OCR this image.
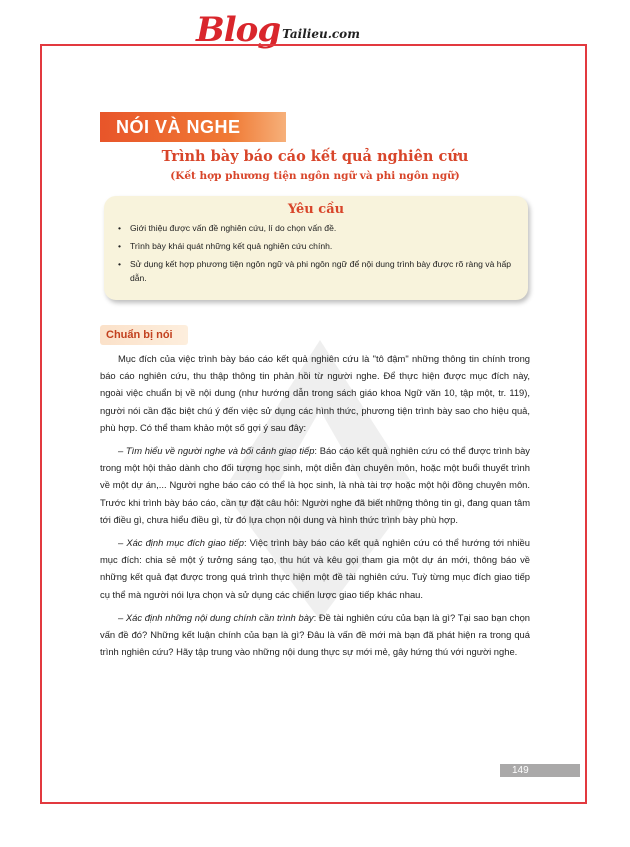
Blog Tailieu.com
NÓI VÀ NGHE
Trình bày báo cáo kết quả nghiên cứu
(Kết hợp phương tiện ngôn ngữ và phi ngôn ngữ)
Yêu cầu
• Giới thiệu được vấn đề nghiên cứu, lí do chọn vấn đề.
• Trình bày khái quát những kết quả nghiên cứu chính.
• Sử dụng kết hợp phương tiện ngôn ngữ và phi ngôn ngữ để nội dung trình bày được rõ ràng và hấp dẫn.
Chuẩn bị nói

Mục đích của việc trình bày báo cáo kết quả nghiên cứu là "tô đậm" những thông tin chính trong báo cáo nghiên cứu, thu thập thông tin phản hồi từ người nghe. Để thực hiện được mục đích này, ngoài việc chuẩn bị về nội dung (như hướng dẫn trong sách giáo khoa Ngữ văn 10, tập một, tr. 119), người nói cần đặc biệt chú ý đến việc sử dụng các hình thức, phương tiện trình bày sao cho hiệu quả, phù hợp. Có thể tham khảo một số gợi ý sau đây:

– Tìm hiểu về người nghe và bối cảnh giao tiếp: Báo cáo kết quả nghiên cứu có thể được trình bày trong một hội thảo dành cho đối tượng học sinh, một diễn đàn chuyên môn, hoặc một buổi thuyết trình về một dự án,... Người nghe báo cáo có thể là học sinh, là nhà tài trợ hoặc một hội đồng chuyên môn. Trước khi trình bày báo cáo, cần tự đặt câu hỏi: Người nghe đã biết những thông tin gì, đang quan tâm tới điều gì, chưa hiểu điều gì, từ đó lựa chọn nội dung và hình thức trình bày phù hợp.

– Xác định mục đích giao tiếp: Việc trình bày báo cáo kết quả nghiên cứu có thể hướng tới nhiều mục đích: chia sẻ một ý tưởng sáng tạo, thu hút và kêu gọi tham gia một dự án mới, thông báo về những kết quả đạt được trong quá trình thực hiện một đề tài nghiên cứu. Tuỳ từng mục đích giao tiếp cụ thể mà người nói lựa chọn và sử dụng các chiến lược giao tiếp khác nhau.

– Xác định những nội dung chính cần trình bày: Đề tài nghiên cứu của bạn là gì? Tại sao bạn chọn vấn đề đó? Những kết luận chính của bạn là gì? Đâu là vấn đề mới mà bạn đã phát hiện ra trong quá trình nghiên cứu? Hãy tập trung vào những nội dung thực sự mới mẻ, gây hứng thú với người nghe.

149
